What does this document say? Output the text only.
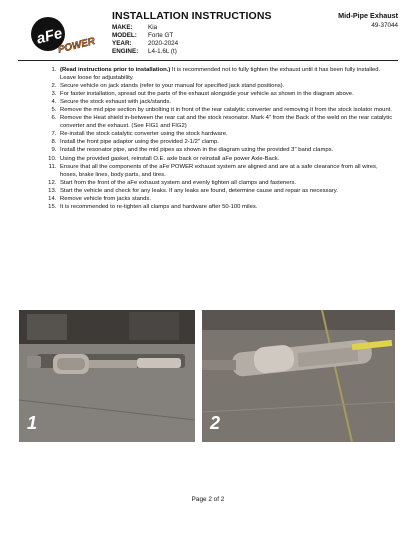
aFe
POWER
INSTALLATION INSTRUCTIONS
MAKE: Kia
MODEL: Forte GT
YEAR:	2020-2024
ENGINE: L4-1.6L (t)
Mid-Pipe Exhaust
49-37044
1. (Read instructions prior to installation.) It is recommended not to fully tighten the exhaust until it has been fully installed. Leave loose for adjustability.
2. Secure vehicle on jack stands (refer to your manual for specified jack stand positions).
3. For faster installation, spread out the parts of the exhaust alongside your vehicle as shown in the diagram above.
4. Secure the stock exhaust with jack/stands.
5. Remove the mid pipe section by unbolting it in front of the rear catalytic converter and removing it from the stock isolator mount.
6. Remove the Heat shield in-between the rear cat and the stock resonator. Mark 4" from the Back of the weld on the rear catalytic converter and the exhaust. (See FIG1 and FIG2)
7. Re-install the stock catalytic converter using the stock hardware.
8. Install the front pipe adaptor using the provided 2-1/2" clamp.
9. Install the resonator pipe, and the mid pipes as shown in the diagram using the provided 3" band clamps.
10. Using the provided gasket, reinstall O.E. axle back or reinstall aFe power Axle-Back.
11. Ensure that all the components of the aFe POWER exhaust system are aligned and are at a safe clearance from all wires, hoses, brake lines, body parts, and tires.
12. Start from the front of the aFe exhaust system and evenly tighten all clamps and fasteners.
13. Start the vehicle and check for any leaks. If any leaks are found, determine cause and repair as necessary.
14. Remove vehicle from jacks stands.
15. It is recommended to re-tighten all clamps and hardware after 50-100 miles.
1	2
Page 2 of 2
